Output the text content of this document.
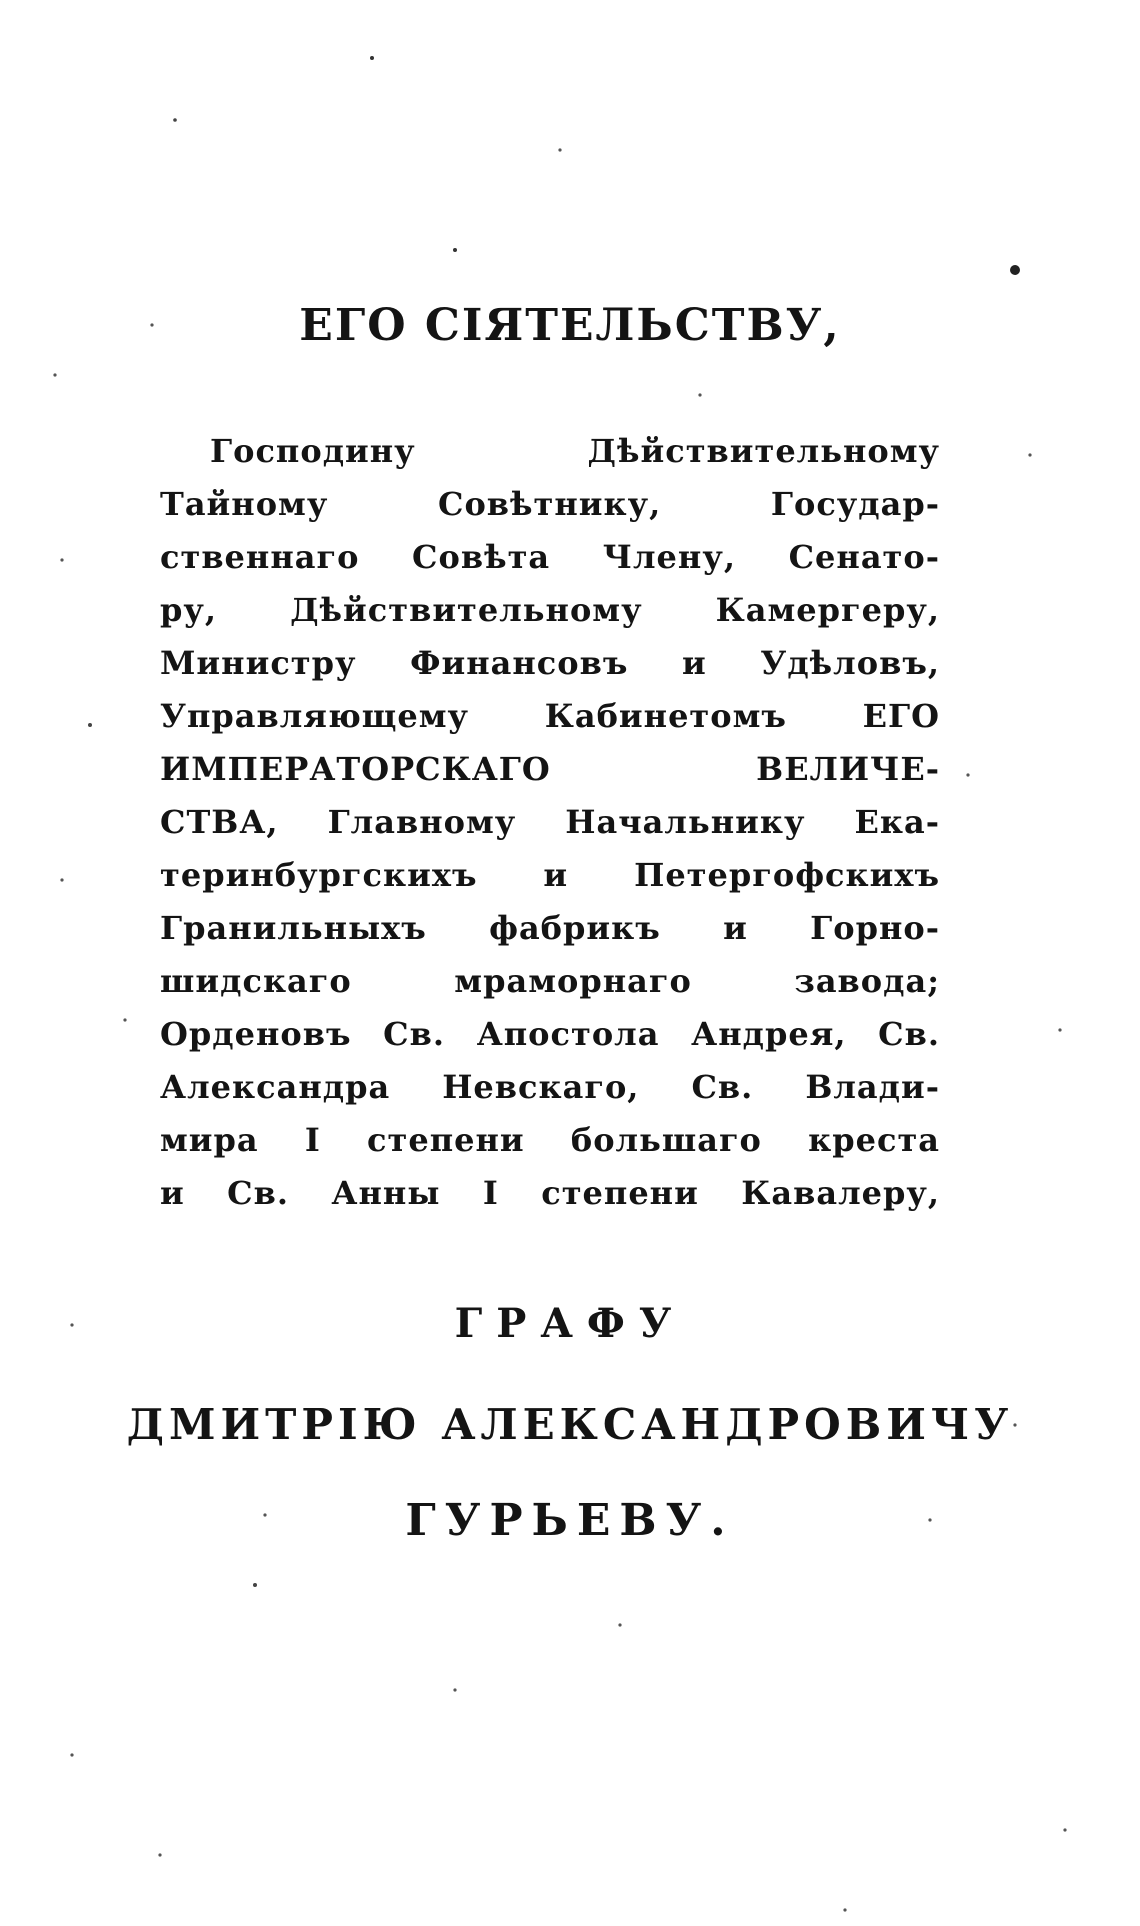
ЕГО СІЯТЕЛЬСТВУ,
Господину Дѣйствительному
Тайному Совѣтнику, Государ-
ственнаго Совѣта Члену, Сенато-
ру, Дѣйствительному Камергеру,
Министру Финансовъ и Удѣловъ,
Управляющему Кабинетомъ ЕГО
ИМПЕРАТОРСКАГО ВЕЛИЧЕ-
СТВА, Главному Начальнику Ека-
теринбургскихъ и Петергофскихъ
Гранильныхъ фабрикъ и Горно-
шидскаго мраморнаго завода;
Орденовъ Св. Апостола Андрея, Св.
Александра Невскаго, Св. Влади-
мира I степени большаго креста
и Св. Анны I степени Кавалеру,
ГРАФУ
ДМИТРІЮ АЛЕКСАНДРОВИЧУ
ГУРЬЕВУ.
